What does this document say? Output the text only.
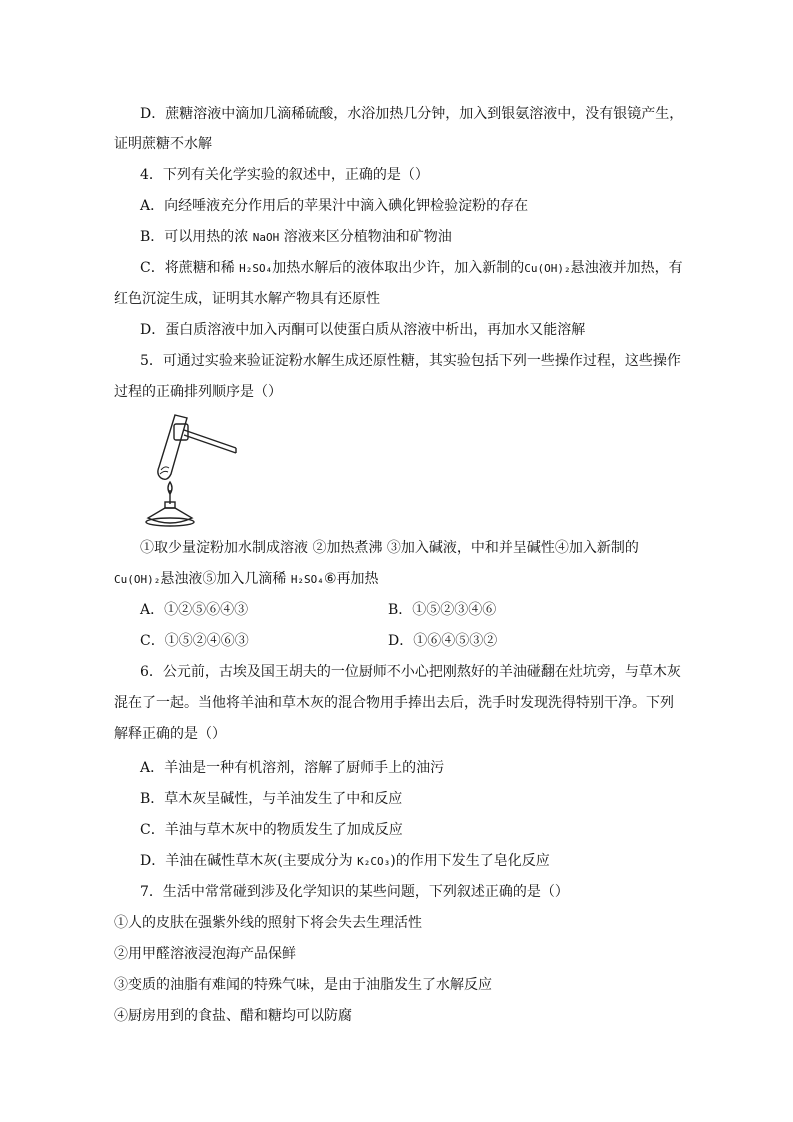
D．蔗糖溶液中滴加几滴稀硫酸，水浴加热几分钟，加入到银氨溶液中，没有银镜产生，
证明蔗糖不水解
4．下列有关化学实验的叙述中，正确的是（）
A．向经唾液充分作用后的苹果汁中滴入碘化钾检验淀粉的存在
B．可以用热的浓 NaOH 溶液来区分植物油和矿物油
C．将蔗糖和稀 H₂SO₄加热水解后的液体取出少许，加入新制的Cu(OH)₂悬浊液并加热，有
红色沉淀生成，证明其水解产物具有还原性
D．蛋白质溶液中加入丙酮可以使蛋白质从溶液中析出，再加水又能溶解
5．可通过实验来验证淀粉水解生成还原性糖，其实验包括下列一些操作过程，这些操作
过程的正确排列顺序是（）
①取少量淀粉加水制成溶液 ②加热煮沸 ③加入碱液，中和并呈碱性④加入新制的
Cu(OH)₂悬浊液⑤加入几滴稀 H₂SO₄⑥再加热
A．①②⑤⑥④③	B．①⑤②③④⑥
C．①⑤②④⑥③	D．①⑥④⑤③②
6．公元前，古埃及国王胡夫的一位厨师不小心把刚熬好的羊油碰翻在灶坑旁，与草木灰
混在了一起。当他将羊油和草木灰的混合物用手捧出去后，洗手时发现洗得特别干净。下列
解释正确的是（）
A．羊油是一种有机溶剂，溶解了厨师手上的油污
B．草木灰呈碱性，与羊油发生了中和反应
C．羊油与草木灰中的物质发生了加成反应
D．羊油在碱性草木灰(主要成分为 K₂CO₃)的作用下发生了皂化反应
7．生活中常常碰到涉及化学知识的某些问题，下列叙述正确的是（）
①人的皮肤在强紫外线的照射下将会失去生理活性
②用甲醛溶液浸泡海产品保鲜
③变质的油脂有难闻的特殊气味，是由于油脂发生了水解反应
④厨房用到的食盐、醋和糖均可以防腐
